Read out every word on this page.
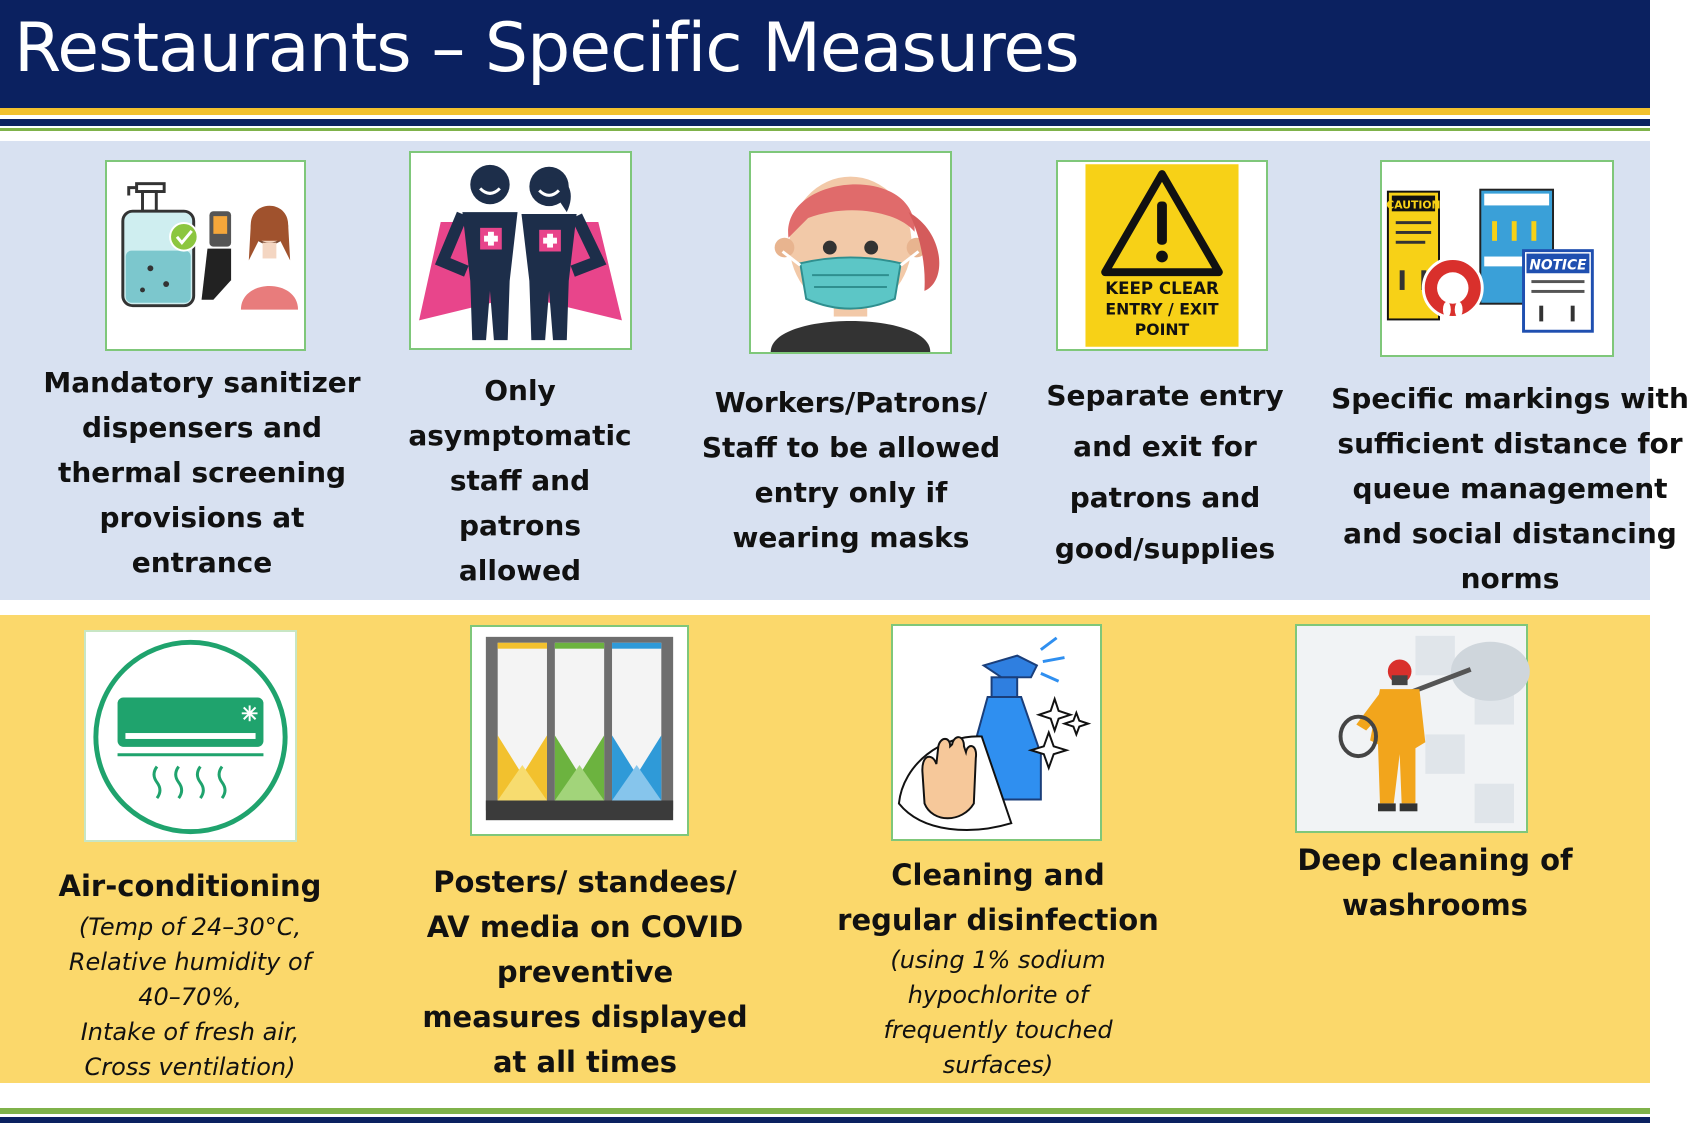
Restaurants – Specific Measures
Mandatory sanitizer
dispensers and
thermal screening
provisions at
entrance
Only
asymptomatic
staff and
patrons
allowed
Workers/Patrons/
Staff to be allowed
entry only if
wearing masks
KEEP CLEAR
ENTRY / EXIT
POINT
Separate entry
and exit for
patrons and
good/supplies
CAUTION
NOTICE
Specific markings with
sufficient distance for
queue management
and social distancing
norms
Air-conditioning
(Temp of 24–30°C,
Relative humidity of
40–70%,
Intake of fresh air,
Cross ventilation)
Posters/ standees/
AV media on COVID
preventive
measures displayed
at all times
Cleaning and
regular disinfection
(using 1% sodium
hypochlorite of
frequently touched
surfaces)
Deep cleaning of
washrooms
